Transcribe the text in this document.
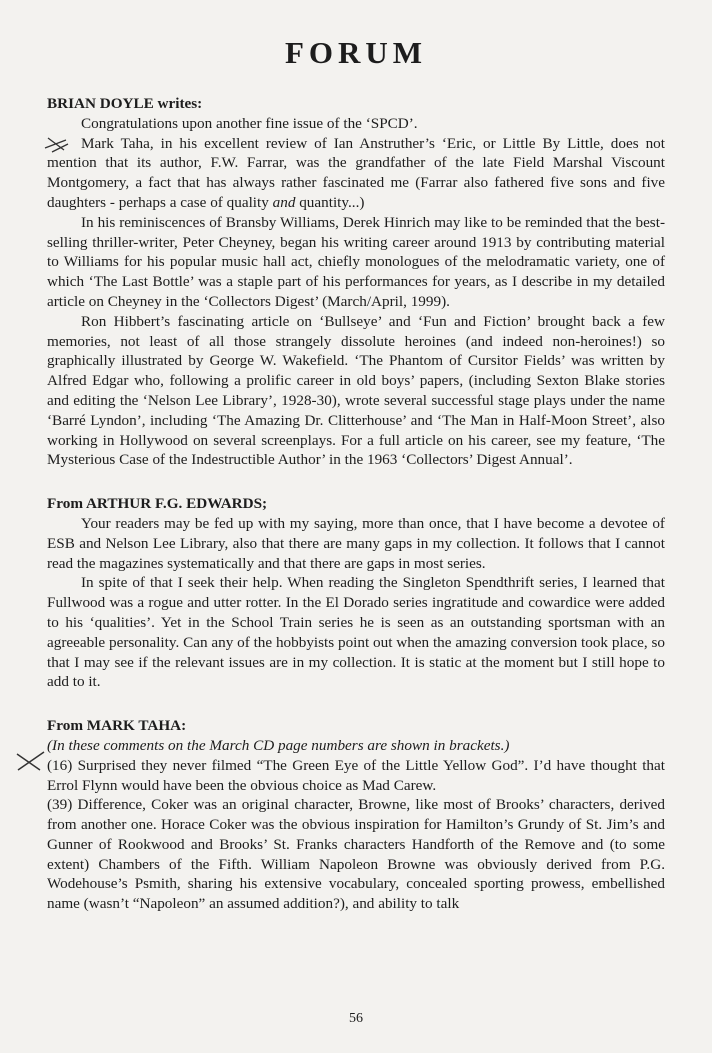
FORUM

BRIAN DOYLE writes:

Congratulations upon another fine issue of the ‘SPCD’.

Mark Taha, in his excellent review of Ian Anstruther’s ‘Eric, or Little By Little, does not mention that its author, F.W. Farrar, was the grandfather of the late Field Marshal Viscount Montgomery, a fact that has always rather fascinated me (Farrar also fathered five sons and five daughters - perhaps a case of quality and quantity...)

In his reminiscences of Bransby Williams, Derek Hinrich may like to be reminded that the best-selling thriller-writer, Peter Cheyney, began his writing career around 1913 by contributing material to Williams for his popular music hall act, chiefly monologues of the melodramatic variety, one of which ‘The Last Bottle’ was a staple part of his performances for years, as I describe in my detailed article on Cheyney in the ‘Collectors Digest’ (March/April, 1999).

Ron Hibbert’s fascinating article on ‘Bullseye’ and ‘Fun and Fiction’ brought back a few memories, not least of all those strangely dissolute heroines (and indeed non-heroines!) so graphically illustrated by George W. Wakefield. ‘The Phantom of Cursitor Fields’ was written by Alfred Edgar who, following a prolific career in old boys’ papers, (including Sexton Blake stories and editing the ‘Nelson Lee Library’, 1928-30), wrote several successful stage plays under the name ‘Barré Lyndon’, including ‘The Amazing Dr. Clitterhouse’ and ‘The Man in Half-Moon Street’, also working in Hollywood on several screenplays. For a full article on his career, see my feature, ‘The Mysterious Case of the Indestructible Author’ in the 1963 ‘Collectors’ Digest Annual’.

From ARTHUR F.G. EDWARDS;

Your readers may be fed up with my saying, more than once, that I have become a devotee of ESB and Nelson Lee Library, also that there are many gaps in my collection. It follows that I cannot read the magazines systematically and that there are gaps in most series.

In spite of that I seek their help. When reading the Singleton Spendthrift series, I learned that Fullwood was a rogue and utter rotter. In the El Dorado series ingratitude and cowardice were added to his ‘qualities’. Yet in the School Train series he is seen as an outstanding sportsman with an agreeable personality. Can any of the hobbyists point out when the amazing conversion took place, so that I may see if the relevant issues are in my collection. It is static at the moment but I still hope to add to it.

From MARK TAHA:

(In these comments on the March CD page numbers are shown in brackets.)

(16) Surprised they never filmed “The Green Eye of the Little Yellow God”. I’d have thought that Errol Flynn would have been the obvious choice as Mad Carew.

(39) Difference, Coker was an original character, Browne, like most of Brooks’ characters, derived from another one. Horace Coker was the obvious inspiration for Hamilton’s Grundy of St. Jim’s and Gunner of Rookwood and Brooks’ St. Franks characters Handforth of the Remove and (to some extent) Chambers of the Fifth. William Napoleon Browne was obviously derived from P.G. Wodehouse’s Psmith, sharing his extensive vocabulary, concealed sporting prowess, embellished name (wasn’t “Napoleon” an assumed addition?), and ability to talk

56
